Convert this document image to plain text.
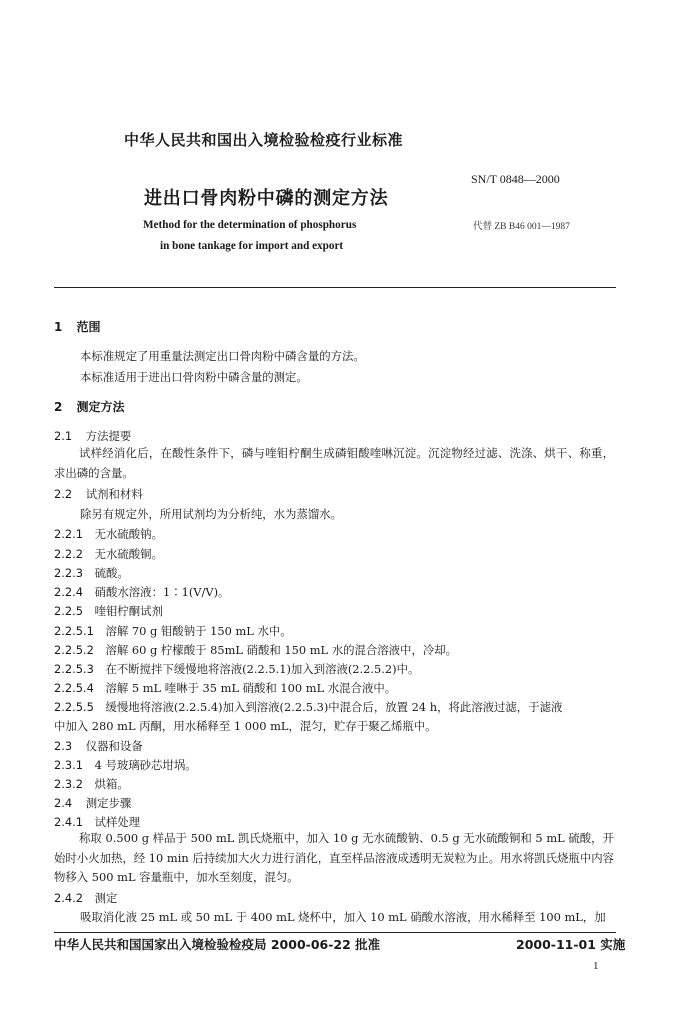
中华人民共和国出入境检验检疫行业标准
进出口骨肉粉中磷的测定方法
SN/T 0848—2000
代替 ZB B46 001—1987
Method for the determination of phosphorus
in bone tankage for import and export
1 范围
本标准规定了用重量法测定出口骨肉粉中磷含量的方法。
本标准适用于进出口骨肉粉中磷含量的测定。
2 测定方法
2.1 方法提要
试样经消化后，在酸性条件下，磷与喹钼柠酮生成磷钼酸喹啉沉淀。沉淀物经过滤、洗涤、烘干、称重，求出磷的含量。
2.2 试剂和材料
除另有规定外，所用试剂均为分析纯，水为蒸馏水。
2.2.1 无水硫酸钠。
2.2.2 无水硫酸铜。
2.2.3 硫酸。
2.2.4 硝酸水溶液：1∶1(V/V)。
2.2.5 喹钼柠酮试剂
2.2.5.1 溶解 70 g 钼酸钠于 150 mL 水中。
2.2.5.2 溶解 60 g 柠檬酸于 85mL 硝酸和 150 mL 水的混合溶液中，冷却。
2.2.5.3 在不断搅拌下缓慢地将溶液(2.2.5.1)加入到溶液(2.2.5.2)中。
2.2.5.4 溶解 5 mL 喹啉于 35 mL 硝酸和 100 mL 水混合液中。
2.2.5.5 缓慢地将溶液(2.2.5.4)加入到溶液(2.2.5.3)中混合后，放置 24 h，将此溶液过滤，于滤液
中加入 280 mL 丙酮，用水稀释至 1 000 mL，混匀，贮存于聚乙烯瓶中。
2.3 仪器和设备
2.3.1 4 号玻璃砂芯坩埚。
2.3.2 烘箱。
2.4 测定步骤
2.4.1 试样处理
称取 0.500 g 样品于 500 mL 凯氏烧瓶中，加入 10 g 无水硫酸钠、0.5 g 无水硫酸铜和 5 mL 硫酸，开始时小火加热，经 10 min 后持续加大火力进行消化，直至样品溶液成透明无炭粒为止。用水将凯氏烧瓶中内容物移入 500 mL 容量瓶中，加水至刻度，混匀。
2.4.2 测定
吸取消化液 25 mL 或 50 mL 于 400 mL 烧杯中，加入 10 mL 硝酸水溶液，用水稀释至 100 mL，加
中华人民共和国国家出入境检验检疫局 2000-06-22 批准	2000-11-01 实施
1
